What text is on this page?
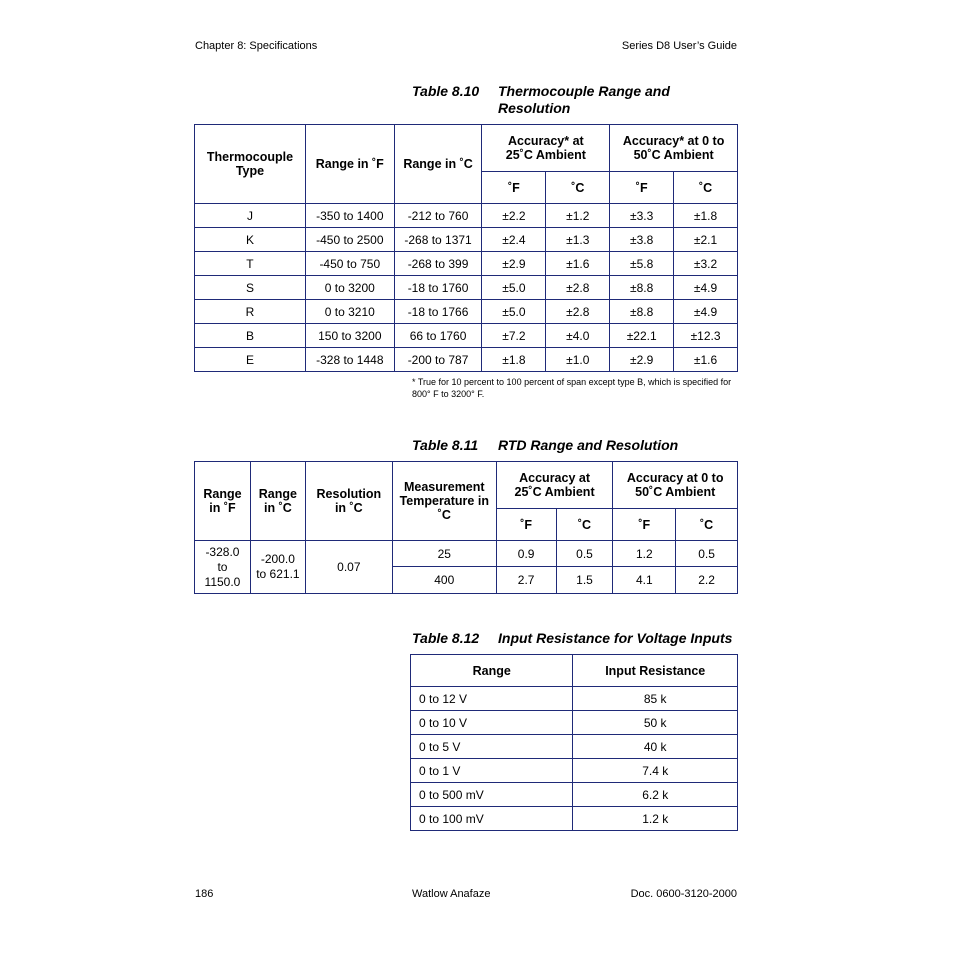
Chapter 8: Specifications	Series D8 User’s Guide
Table 8.10	Thermocouple Range and Resolution
Thermocouple Type	Range in ˚F	Range in ˚C	Accuracy* at 25˚C Ambient		Accuracy* at 0 to 50˚C Ambient	
			˚F	˚C	˚F	˚C
J	-350 to 1400	-212 to 760	±2.2	±1.2	±3.3	±1.8
K	-450 to 2500	-268 to 1371	±2.4	±1.3	±3.8	±2.1
T	-450 to 750	-268 to 399	±2.9	±1.6	±5.8	±3.2
S	0 to 3200	-18 to 1760	±5.0	±2.8	±8.8	±4.9
R	0 to 3210	-18 to 1766	±5.0	±2.8	±8.8	±4.9
B	150 to 3200	66 to 1760	±7.2	±4.0	±22.1	±12.3
E	-328 to 1448	-200 to 787	±1.8	±1.0	±2.9	±1.6
* True for 10 percent to 100 percent of span except type B, which is specified for 800° F to 3200° F.
Table 8.11	RTD Range and Resolution
Range in ˚F	Range in ˚C	Resolution in ˚C	Measurement Temperature in ˚C	Accuracy at 25˚C Ambient		Accuracy at 0 to 50˚C Ambient	
				˚F	˚C	˚F	˚C
-328.0 to 1150.0	-200.0 to 621.1	0.07	25	0.9	0.5	1.2	0.5
			400	2.7	1.5	4.1	2.2
Table 8.12	Input Resistance for Voltage Inputs
Range	Input Resistance
0 to 12 V	85 k
0 to 10 V	50 k
0 to 5 V	40 k
0 to 1 V	7.4 k
0 to 500 mV	6.2 k
0 to 100 mV	1.2 k
186	Watlow Anafaze	Doc. 0600-3120-2000
